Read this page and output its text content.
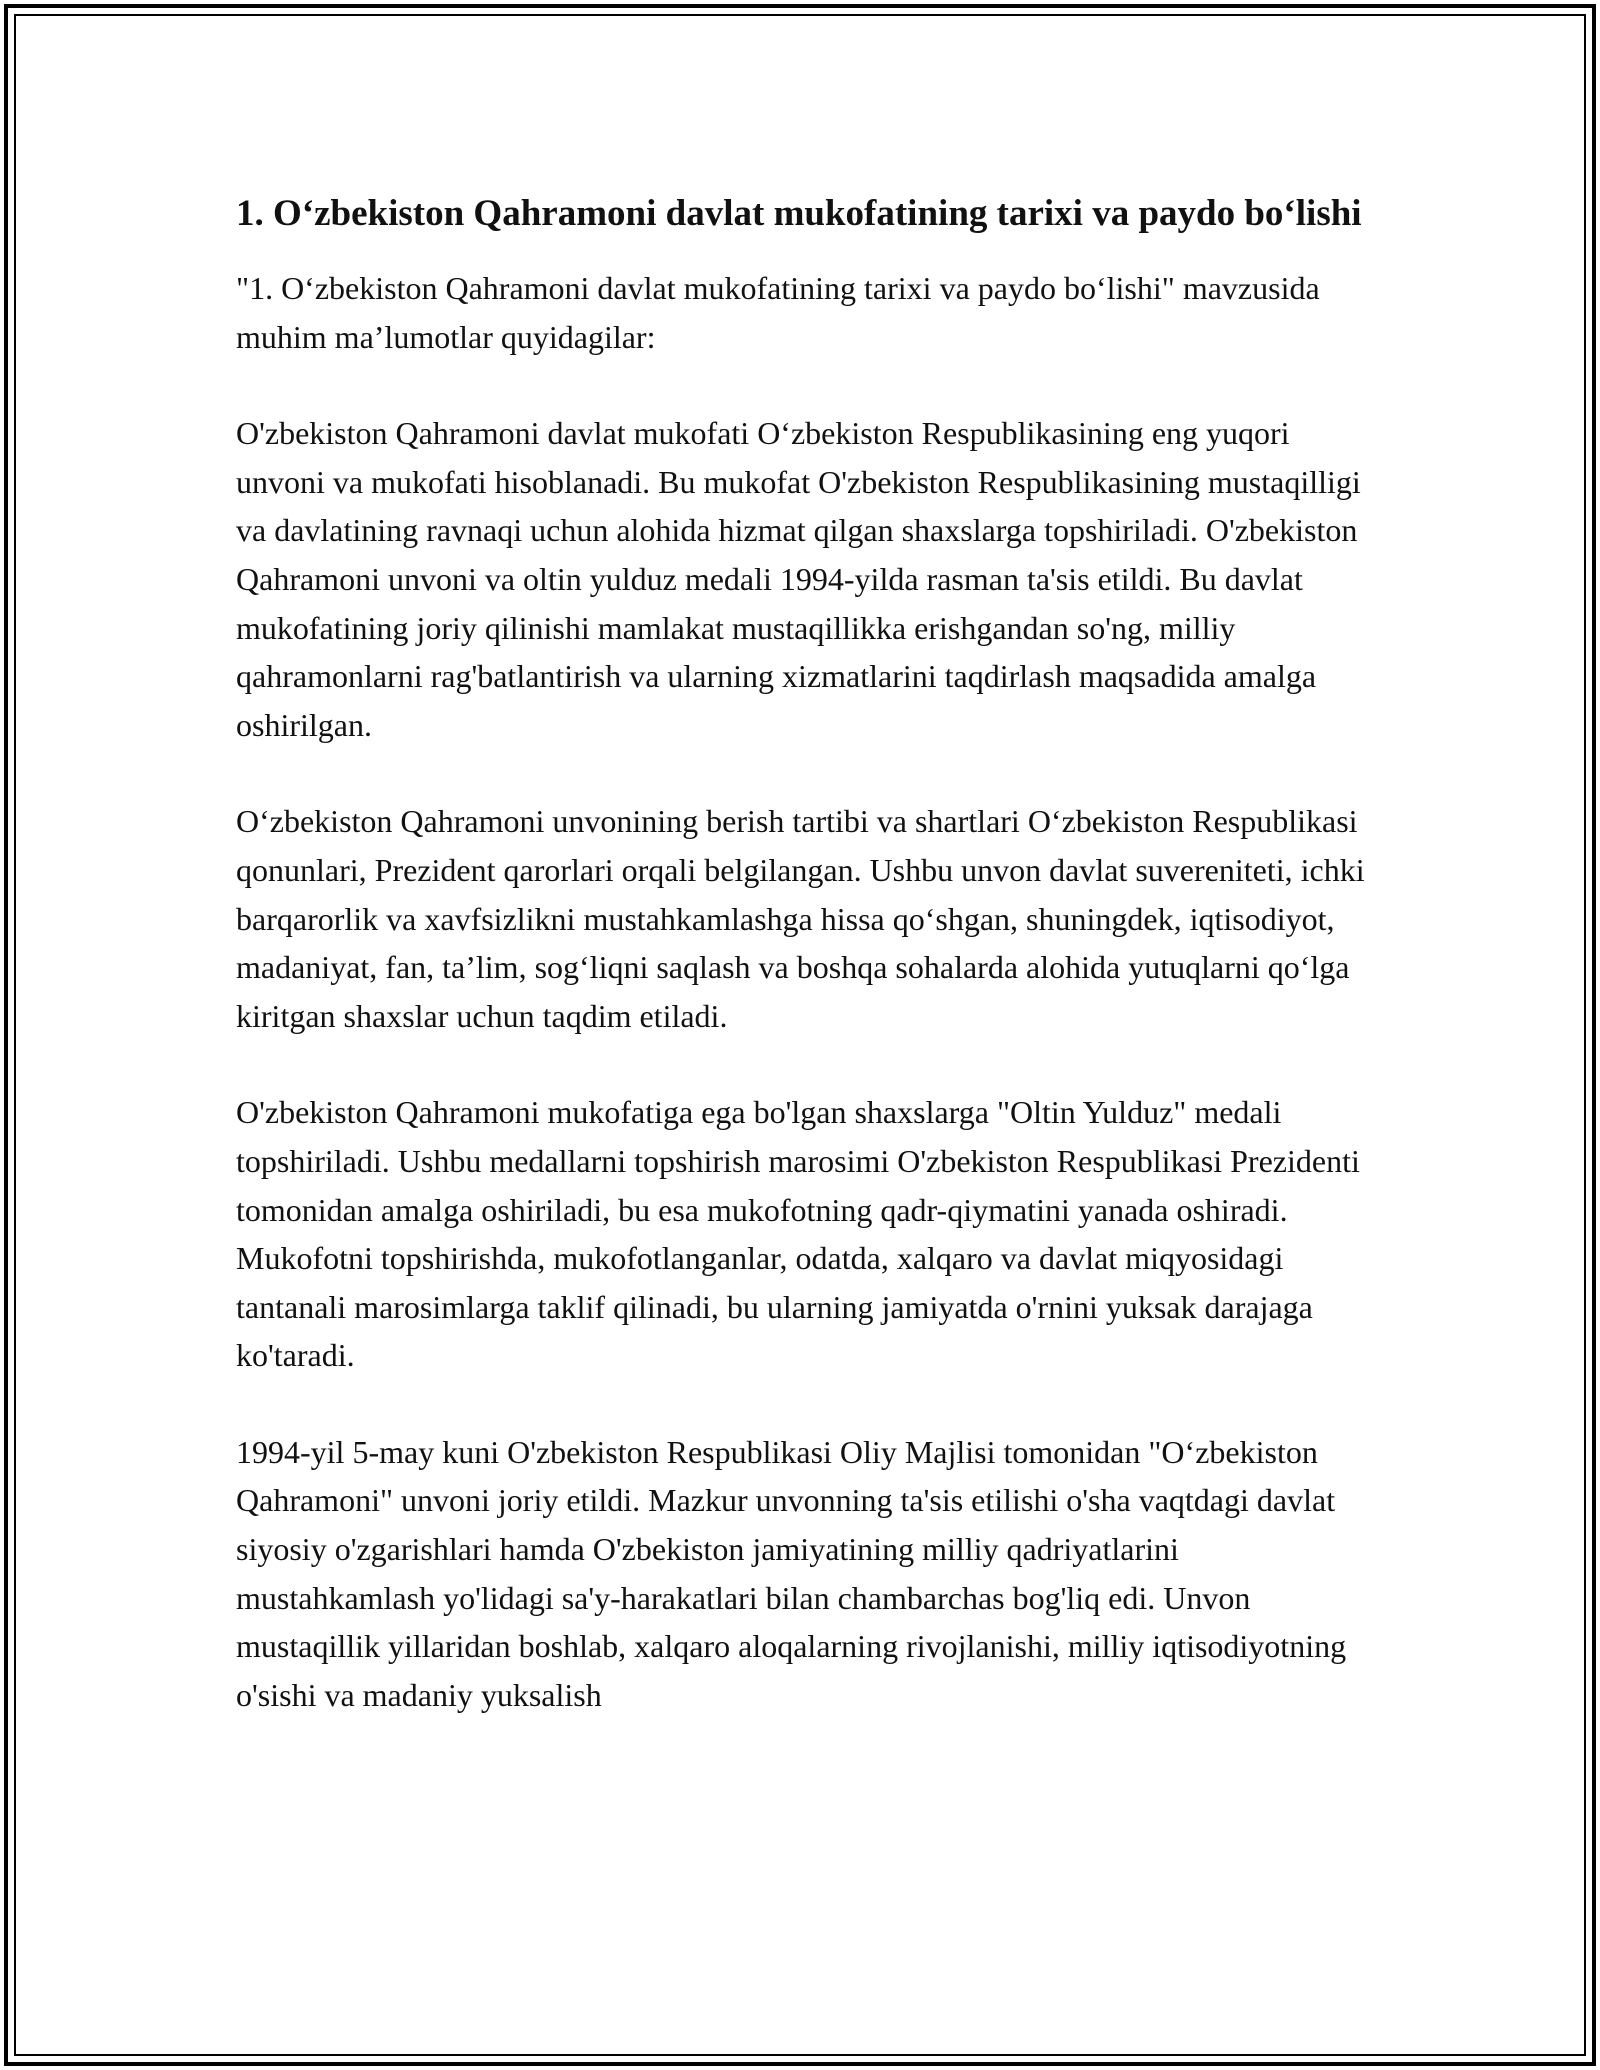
1. O‘zbekiston Qahramoni davlat mukofatining tarixi va paydo bo‘lishi

"1. O‘zbekiston Qahramoni davlat mukofatining tarixi va paydo bo‘lishi" mavzusida muhim ma’lumotlar quyidagilar:

O'zbekiston Qahramoni davlat mukofati O‘zbekiston Respublikasining eng yuqori unvoni va mukofati hisoblanadi. Bu mukofat O'zbekiston Respublikasining mustaqilligi va davlatining ravnaqi uchun alohida hizmat qilgan shaxslarga topshiriladi. O'zbekiston Qahramoni unvoni va oltin yulduz medali 1994-yilda rasman ta'sis etildi. Bu davlat mukofatining joriy qilinishi mamlakat mustaqillikka erishgandan so'ng, milliy qahramonlarni rag'batlantirish va ularning xizmatlarini taqdirlash maqsadida amalga oshirilgan.

O‘zbekiston Qahramoni unvonining berish tartibi va shartlari O‘zbekiston Respublikasi qonunlari, Prezident qarorlari orqali belgilangan. Ushbu unvon davlat suvereniteti, ichki barqarorlik va xavfsizlikni mustahkamlashga hissa qo‘shgan, shuningdek, iqtisodiyot, madaniyat, fan, ta’lim, sog‘liqni saqlash va boshqa sohalarda alohida yutuqlarni qo‘lga kiritgan shaxslar uchun taqdim etiladi.

O'zbekiston Qahramoni mukofatiga ega bo'lgan shaxslarga "Oltin Yulduz" medali topshiriladi. Ushbu medallarni topshirish marosimi O'zbekiston Respublikasi Prezidenti tomonidan amalga oshiriladi, bu esa mukofotning qadr-qiymatini yanada oshiradi. Mukofotni topshirishda, mukofotlanganlar, odatda, xalqaro va davlat miqyosidagi tantanali marosimlarga taklif qilinadi, bu ularning jamiyatda o'rnini yuksak darajaga ko'taradi.

1994-yil 5-may kuni O'zbekiston Respublikasi Oliy Majlisi tomonidan "O‘zbekiston Qahramoni" unvoni joriy etildi. Mazkur unvonning ta'sis etilishi o'sha vaqtdagi davlat siyosiy o'zgarishlari hamda O'zbekiston jamiyatining milliy qadriyatlarini mustahkamlash yo'lidagi sa'y-harakatlari bilan chambarchas bog'liq edi. Unvon mustaqillik yillaridan boshlab, xalqaro aloqalarning rivojlanishi, milliy iqtisodiyotning o'sishi va madaniy yuksalish
